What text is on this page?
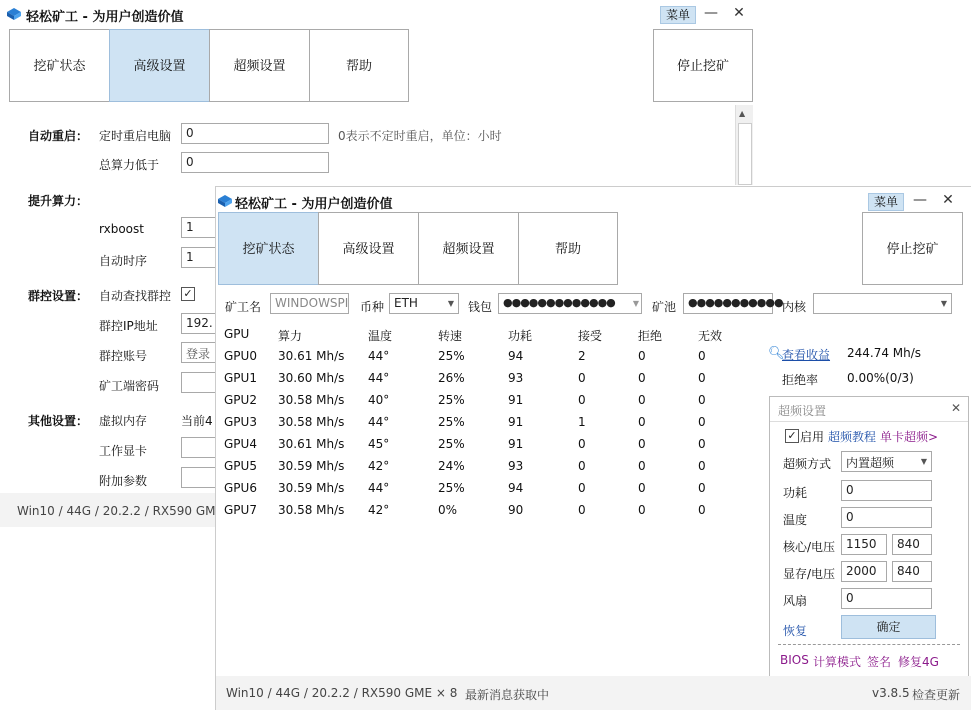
轻松矿工 - 为用户创造价值	菜单 — ✕
挖矿状态	高级设置	超频设置	帮助	停止挖矿
▲
自动重启： 定时重启电脑	0	0表示不定时重启，单位：小时
总算力低于	0
提升算力：
rxboost	1
自动时序	1
群控设置： 自动查找群控 ✓
群控IP地址	192.
群控账号	登录
矿工端密码
其他设置： 虚拟内存	当前4
工作显卡
附加参数
Win10 / 44G / 20.2.2 / RX590 GM
轻松矿工 - 为用户创造价值	菜单	— ✕
挖矿状态	高级设置	超频设置	帮助	停止挖矿
矿工名	WINDOWSPI 币种 ETH	▼ 钱包 ●●●●●●●●●●●●● ▼ 矿池	●●●●●●●●●●● 内核	▼
GPU 算力	温度	转速	功耗	接受	拒绝	无效
GPU0 30.61 Mh/s 44°	25%	94	2	0	0
GPU1 30.60 Mh/s 44°	26%	93	0	0	0
GPU2 30.58 Mh/s 40°	25%	91	0	0	0
GPU3 30.58 Mh/s 44°	25%	91	1	0	0
GPU4 30.61 Mh/s 45°	25%	91	0	0	0
GPU5 30.59 Mh/s 42°	24%	93	0	0	0
GPU6 30.59 Mh/s 44°	25%	94	0	0	0
GPU7 30.58 Mh/s 42°	0%	90	0	0	0
🔍︎
查看收益 244.74 Mh/s
拒绝率 0.00%(0/3)
超频设置	✕
✓ 启用 超频教程 单卡超频>
超频方式	内置超频	▼
功耗	0
温度	0
核心/电压 1150	840
显存/电压 2000	840
风扇	0
恢复	确定
BIOS 计算模式 签名 修复4G
Win10 / 44G / 20.2.2 / RX590 GME × 8 最新消息获取中	v3.8.5 检查更新
